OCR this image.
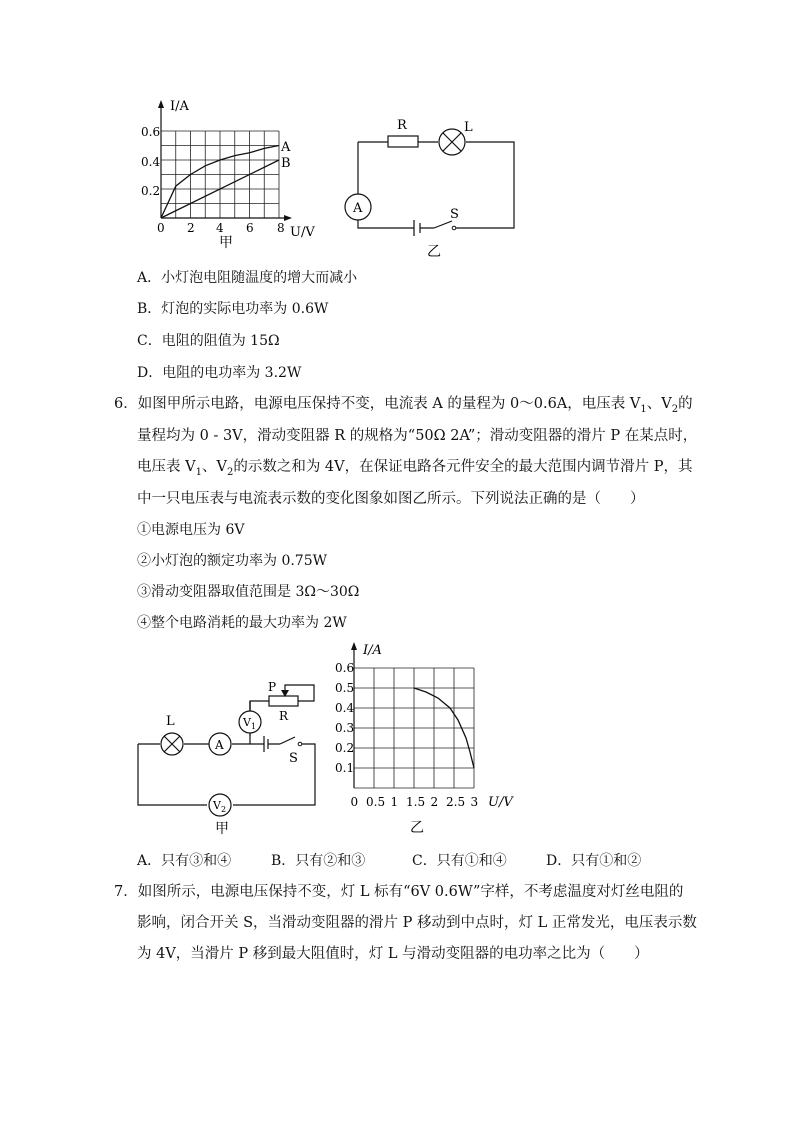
I/A
U/V
0.6
0.4
0.2
0 2 4 6 8
A
B
甲
R	L
A	S
乙
A．小灯泡电阻随温度的增大而减小
B．灯泡的实际电功率为 0.6W
C．电阻的阻值为 15Ω
D．电阻的电功率为 3.2W
6．如图甲所示电路，电源电压保持不变，电流表 A 的量程为 0～0.6A，电压表 $V_1$、$V_2$的
量程均为 0 - 3V，滑动变阻器 R 的规格为“50Ω 2A”；滑动变阻器的滑片 P 在某点时，
电压表 $V_1$、$V_2$的示数之和为 4V，在保证电路各元件安全的最大范围内调节滑片 P，其
中一只电压表与电流表示数的变化图象如图乙所示。下列说法正确的是（　　）
①电源电压为 6V
②小灯泡的额定功率为 0.75W
③滑动变阻器取值范围是 3Ω～30Ω
④整个电路消耗的最大功率为 2W
L
A
$V_1$
$V_2$
P
R
S
甲
I/A
U/V
0.1
0.2
0.3
0.4
0.5
0.6
0 0.5 1 1.5 2 2.5 3
乙
A．只有③和④	B．只有②和③	C．只有①和④	D．只有①和②
7．如图所示，电源电压保持不变，灯 L 标有“6V 0.6W”字样，不考虑温度对灯丝电阻的
影响，闭合开关 S，当滑动变阻器的滑片 P 移动到中点时，灯 L 正常发光，电压表示数
为 4V，当滑片 P 移到最大阻值时，灯 L 与滑动变阻器的电功率之比为（　　）
